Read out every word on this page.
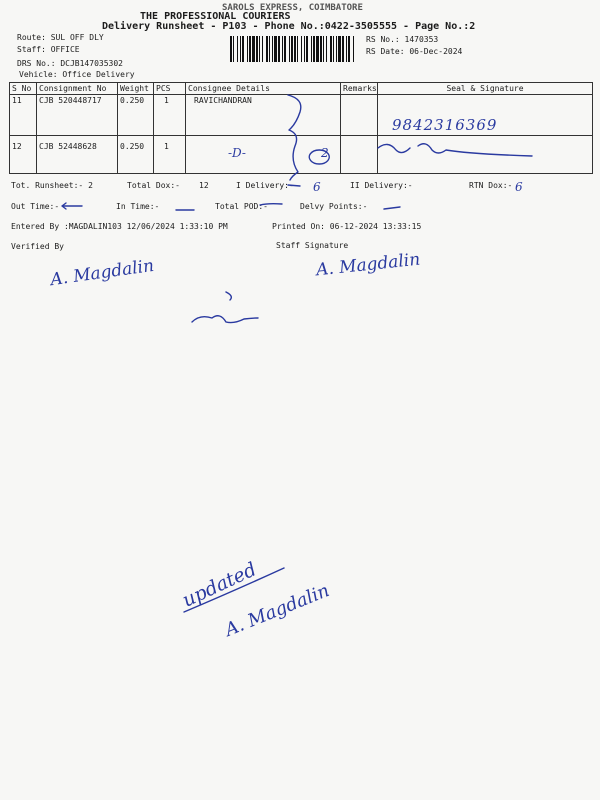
SAROLS EXPRESS, COIMBATORE
THE PROFESSIONAL COURIERS
Delivery Runsheet - P103 - Phone No.:0422-3505555 - Page No.:2
Route: SUL OFF DLY
Staff: OFFICE
DRS No.: DCJB147035302
Vehicle: Office Delivery
RS No.: 1470353
RS Date: 06-Dec-2024
S No	Consignment No	Weight	PCS	Consignee Details	Remarks	Seal & Signature
11	CJB 520448717	0.250	1	RAVICHANDRAN		
12	CJB 52448628	0.250	1			
Tot. Runsheet:- 2	Total Dox:- 12	I Delivery:-	II Delivery:-	RTN Dox:-
Out Time:-	In Time:-	Total POD:-	Delvy Points:-
Entered By :MAGDALIN103 12/06/2024 1:33:10 PM	Printed On: 06-12-2024 13:33:15
Verified By	Staff Signature
9842316369
-D-	2
6	6
A. Magdalin	A. Magdalin
updated
A. Magdalin
